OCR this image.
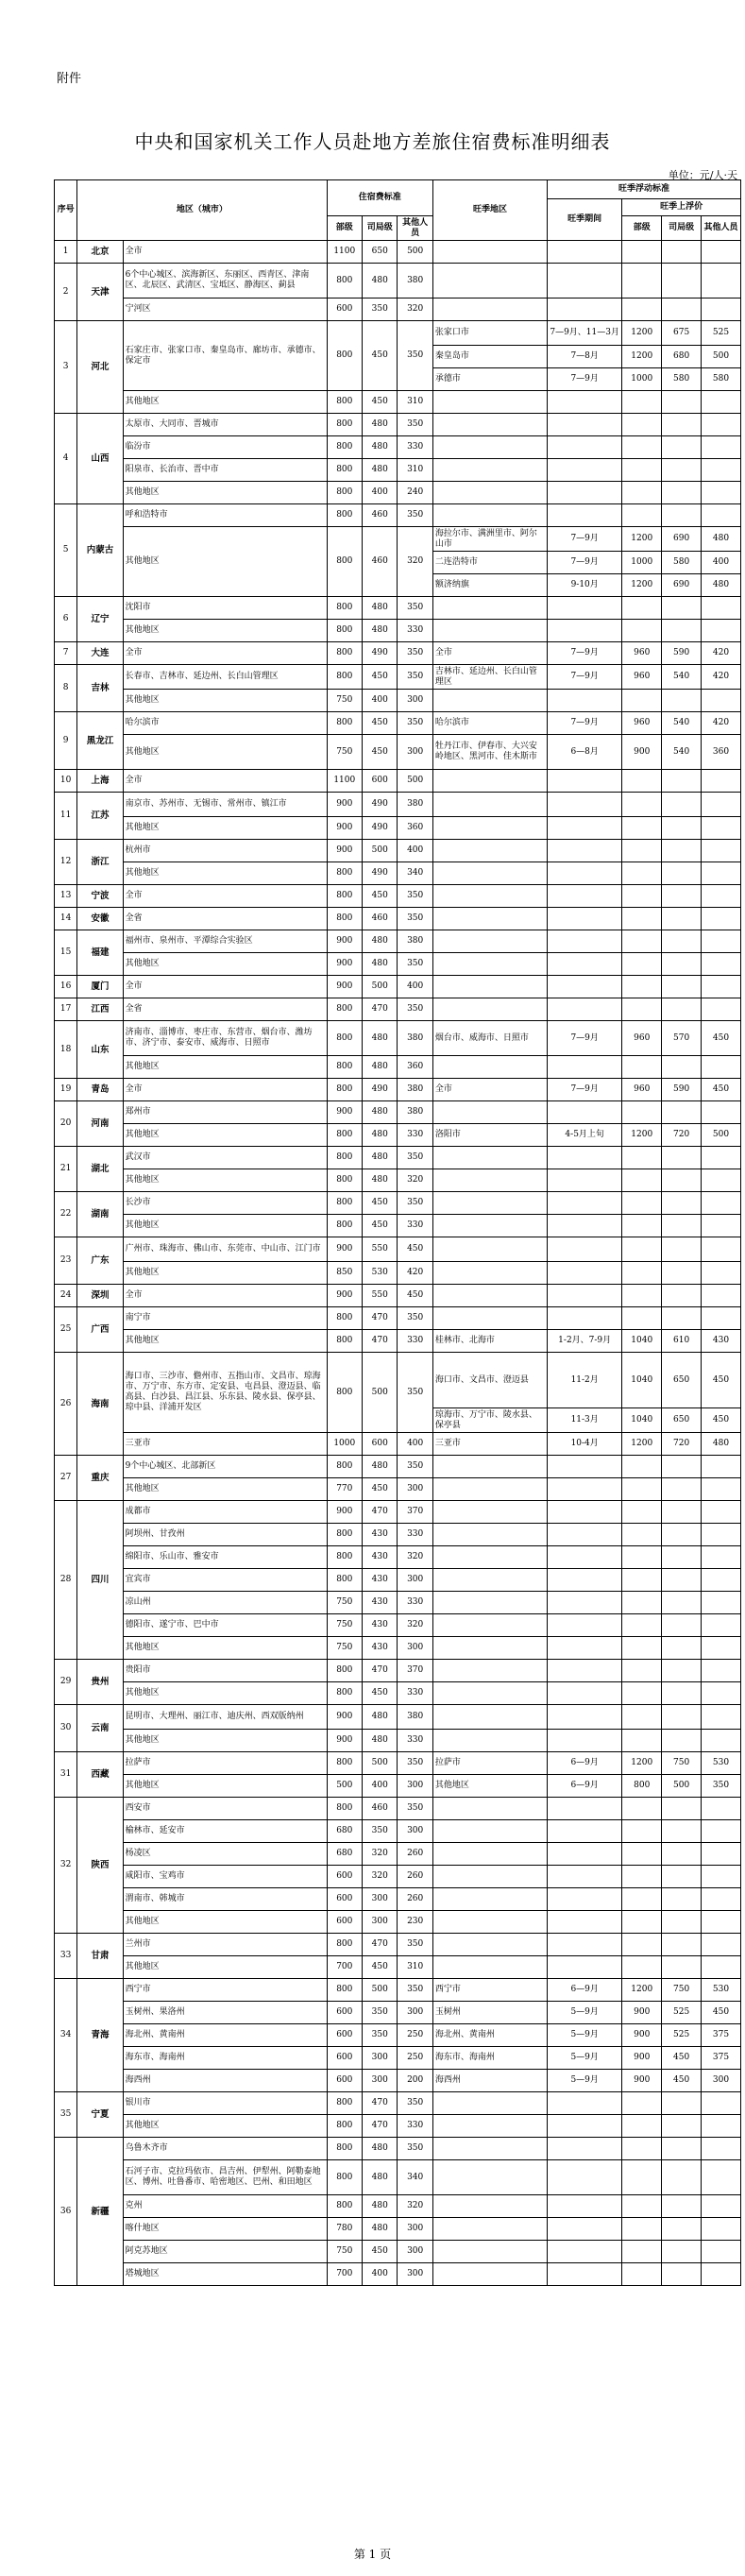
附件
中央和国家机关工作人员赴地方差旅住宿费标准明细表
单位：元/人·天
序号	地区（城市）		住宿费标准			旺季地区	旺季浮动标准			
							旺季期间	旺季上浮价		
			部级	司局级	其他人员			部级	司局级	其他人员
1	北京	全市	1100	650	500					
2	天津	6个中心城区、滨海新区、东丽区、西青区、津南区、北辰区、武清区、宝坻区、静海区、蓟县	800	480	380					
		宁河区	600	350	320					
3	河北	石家庄市、张家口市、秦皇岛市、廊坊市、承德市、保定市	800	450	350	张家口市	7—9月、11—3月	1200	675	525
						秦皇岛市	7—8月	1200	680	500
						承德市	7—9月	1000	580	580
		其他地区	800	450	310					
4	山西	太原市、大同市、晋城市	800	480	350					
		临汾市	800	480	330					
		阳泉市、长治市、晋中市	800	480	310					
		其他地区	800	400	240					
5	内蒙古	呼和浩特市	800	460	350					
		其他地区	800	460	320	海拉尔市、满洲里市、阿尔山市	7—9月	1200	690	480
						二连浩特市	7—9月	1000	580	400
						额济纳旗	9-10月	1200	690	480
6	辽宁	沈阳市	800	480	350					
		其他地区	800	480	330					
7	大连	全市	800	490	350	全市	7—9月	960	590	420
8	吉林	长春市、吉林市、延边州、长白山管理区	800	450	350	吉林市、延边州、长白山管理区	7—9月	960	540	420
		其他地区	750	400	300					
9	黑龙江	哈尔滨市	800	450	350	哈尔滨市	7—9月	960	540	420
		其他地区	750	450	300	牡丹江市、伊春市、大兴安岭地区、黑河市、佳木斯市	6—8月	900	540	360
10	上海	全市	1100	600	500					
11	江苏	南京市、苏州市、无锡市、常州市、镇江市	900	490	380					
		其他地区	900	490	360					
12	浙江	杭州市	900	500	400					
		其他地区	800	490	340					
13	宁波	全市	800	450	350					
14	安徽	全省	800	460	350					
15	福建	福州市、泉州市、平潭综合实验区	900	480	380					
		其他地区	900	480	350					
16	厦门	全市	900	500	400					
17	江西	全省	800	470	350					
18	山东	济南市、淄博市、枣庄市、东营市、烟台市、潍坊市、济宁市、泰安市、威海市、日照市	800	480	380	烟台市、威海市、日照市	7—9月	960	570	450
		其他地区	800	480	360					
19	青岛	全市	800	490	380	全市	7—9月	960	590	450
20	河南	郑州市	900	480	380					
		其他地区	800	480	330	洛阳市	4-5月上旬	1200	720	500
21	湖北	武汉市	800	480	350					
		其他地区	800	480	320					
22	湖南	长沙市	800	450	350					
		其他地区	800	450	330					
23	广东	广州市、珠海市、佛山市、东莞市、中山市、江门市	900	550	450					
		其他地区	850	530	420					
24	深圳	全市	900	550	450					
25	广西	南宁市	800	470	350					
		其他地区	800	470	330	桂林市、北海市	1-2月、7-9月	1040	610	430
26	海南	海口市、三沙市、儋州市、五指山市、文昌市、琼海市、万宁市、东方市、定安县、屯昌县、澄迈县、临高县、白沙县、昌江县、乐东县、陵水县、保亭县、琼中县、洋浦开发区	800	500	350	海口市、文昌市、澄迈县	11-2月	1040	650	450
						琼海市、万宁市、陵水县、保亭县	11-3月	1040	650	450
		三亚市	1000	600	400	三亚市	10-4月	1200	720	480
27	重庆	9个中心城区、北部新区	800	480	350					
		其他地区	770	450	300					
28	四川	成都市	900	470	370					
		阿坝州、甘孜州	800	430	330					
		绵阳市、乐山市、雅安市	800	430	320					
		宜宾市	800	430	300					
		凉山州	750	430	330					
		德阳市、遂宁市、巴中市	750	430	320					
		其他地区	750	430	300					
29	贵州	贵阳市	800	470	370					
		其他地区	800	450	330					
30	云南	昆明市、大理州、丽江市、迪庆州、西双版纳州	900	480	380					
		其他地区	900	480	330					
31	西藏	拉萨市	800	500	350	拉萨市	6—9月	1200	750	530
		其他地区	500	400	300	其他地区	6—9月	800	500	350
32	陕西	西安市	800	460	350					
		榆林市、延安市	680	350	300					
		杨凌区	680	320	260					
		咸阳市、宝鸡市	600	320	260					
		渭南市、韩城市	600	300	260					
		其他地区	600	300	230					
33	甘肃	兰州市	800	470	350					
		其他地区	700	450	310					
34	青海	西宁市	800	500	350	西宁市	6—9月	1200	750	530
		玉树州、果洛州	600	350	300	玉树州	5—9月	900	525	450
		海北州、黄南州	600	350	250	海北州、黄南州	5—9月	900	525	375
		海东市、海南州	600	300	250	海东市、海南州	5—9月	900	450	375
		海西州	600	300	200	海西州	5—9月	900	450	300
35	宁夏	银川市	800	470	350					
		其他地区	800	470	330					
36	新疆	乌鲁木齐市	800	480	350					
		石河子市、克拉玛依市、昌吉州、伊犁州、阿勒泰地区、博州、吐鲁番市、哈密地区、巴州、和田地区	800	480	340					
		克州	800	480	320					
		喀什地区	780	480	300					
		阿克苏地区	750	450	300					
		塔城地区	700	400	300					
第 1 页
